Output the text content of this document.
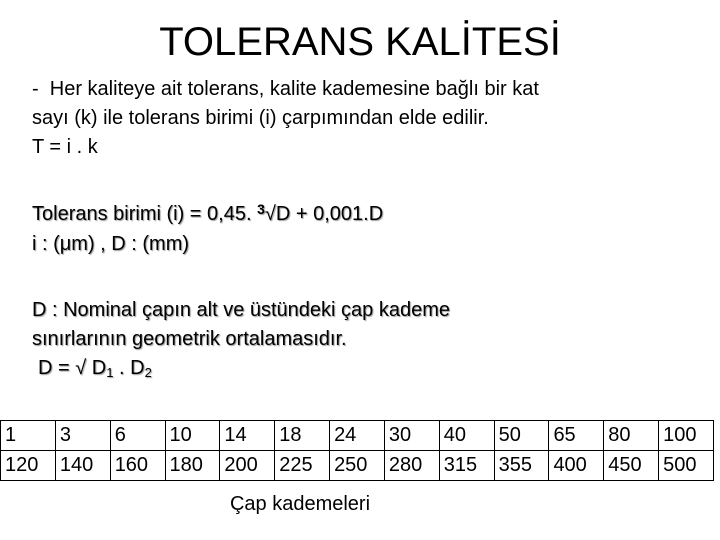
TOLERANS KALİTESİ
-  Her kaliteye ait tolerans, kalite kademesine bağlı bir kat
sayı (k) ile tolerans birimi (i) çarpımından elde edilir.
T = i . k
Tolerans birimi (i) = 0,45. $^3$√D + 0,001.D
i : (μm) , D : (mm)
D : Nominal çapın alt ve üstündeki çap kademe
sınırlarının geometrik ortalamasıdır.
D = √ $D_1$ . $D_2$
1	3	6	10	14	18	24	30	40	50	65	80	100
120	140	160	180	200	225	250	280	315	355	400	450	500
Çap kademeleri
